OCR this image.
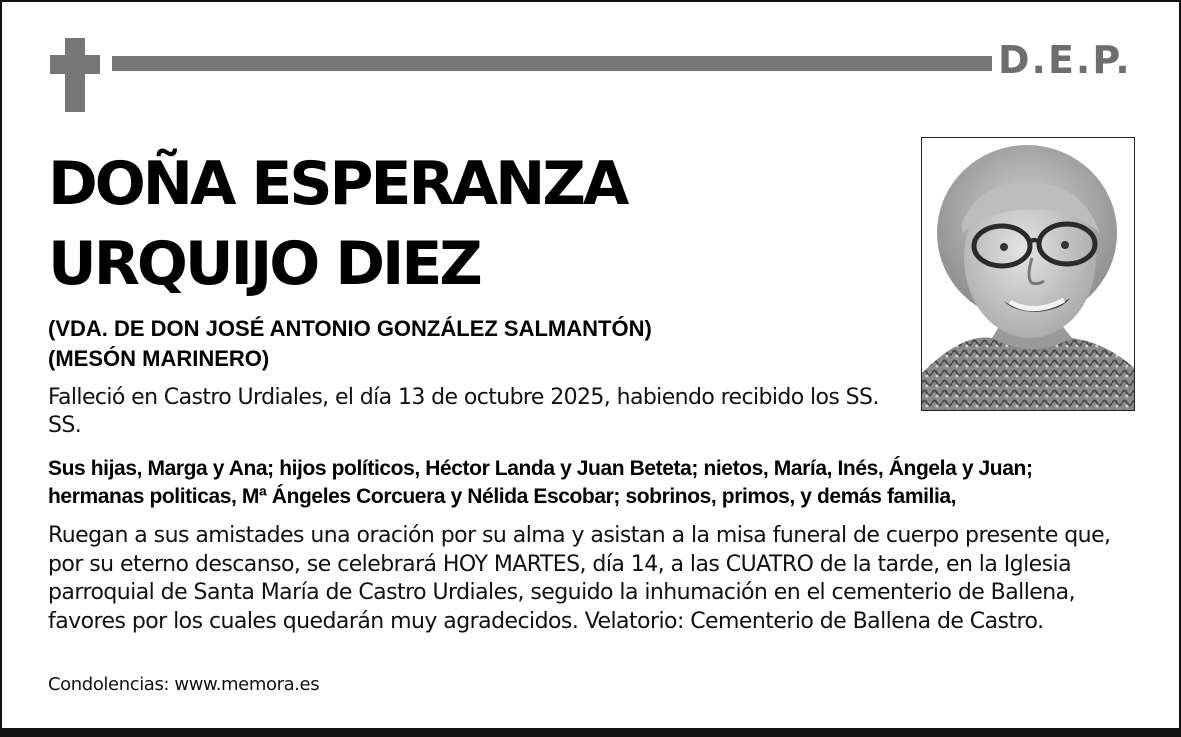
D.E.P.
DOÑA ESPERANZA
URQUIJO DIEZ
(VDA. DE DON JOSÉ ANTONIO GONZÁLEZ SALMANTÓN)
(MESÓN MARINERO)
Falleció en Castro Urdiales, el día 13 de octubre 2025, habiendo recibido los SS. SS.
Sus hijas, Marga y Ana; hijos políticos, Héctor Landa y Juan Beteta; nietos, María, Inés, Ángela y Juan;
hermanas politicas, Mª Ángeles Corcuera y Nélida Escobar; sobrinos, primos, y demás familia,
Ruegan a sus amistades una oración por su alma y asistan a la misa funeral de cuerpo presente que,
por su eterno descanso, se celebrará HOY MARTES, día 14, a las CUATRO de la tarde, en la Iglesia
parroquial de Santa María de Castro Urdiales, seguido la inhumación en el cementerio de Ballena,
favores por los cuales quedarán muy agradecidos. Velatorio: Cementerio de Ballena de Castro.
Condolencias: www.memora.es
